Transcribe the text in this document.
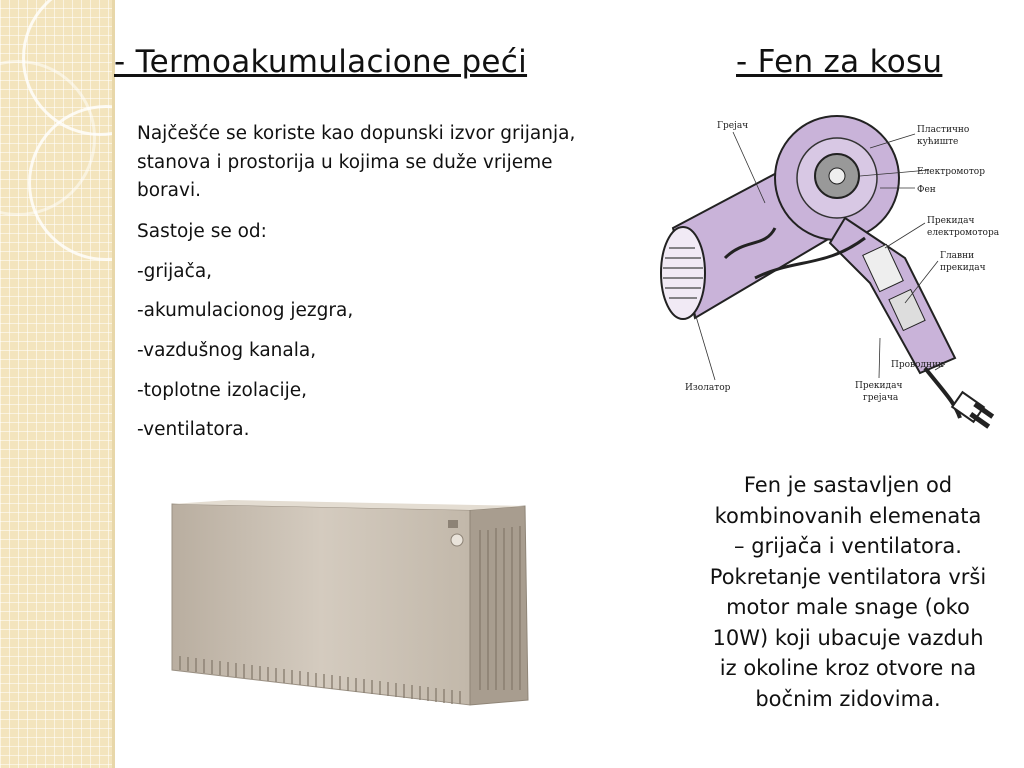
- Termoakumulacione peći	- Fen za kosu
Najčešće se koriste kao dopunski izvor grijanja,
stanova i prostorija u kojima se duže vrijeme
boravi.
Sastoje se od:
-grijača,
-akumulacionog jezgra,
-vazdušnog kanala,
-toplotne izolacije,
-ventilatora.
Грејач	Пластично
кућиште
Електромотор
Фен
Прекидач
електромотора
Главни
прекидач
Проводник
Изолатор	Прекидач
грејача
Fen je sastavljen od
kombinovanih elemenata
– grijača i ventilatora.
Pokretanje ventilatora vrši
motor male snage (oko
10W) koji ubacuje vazduh
iz okoline kroz otvore na
bočnim zidovima.
